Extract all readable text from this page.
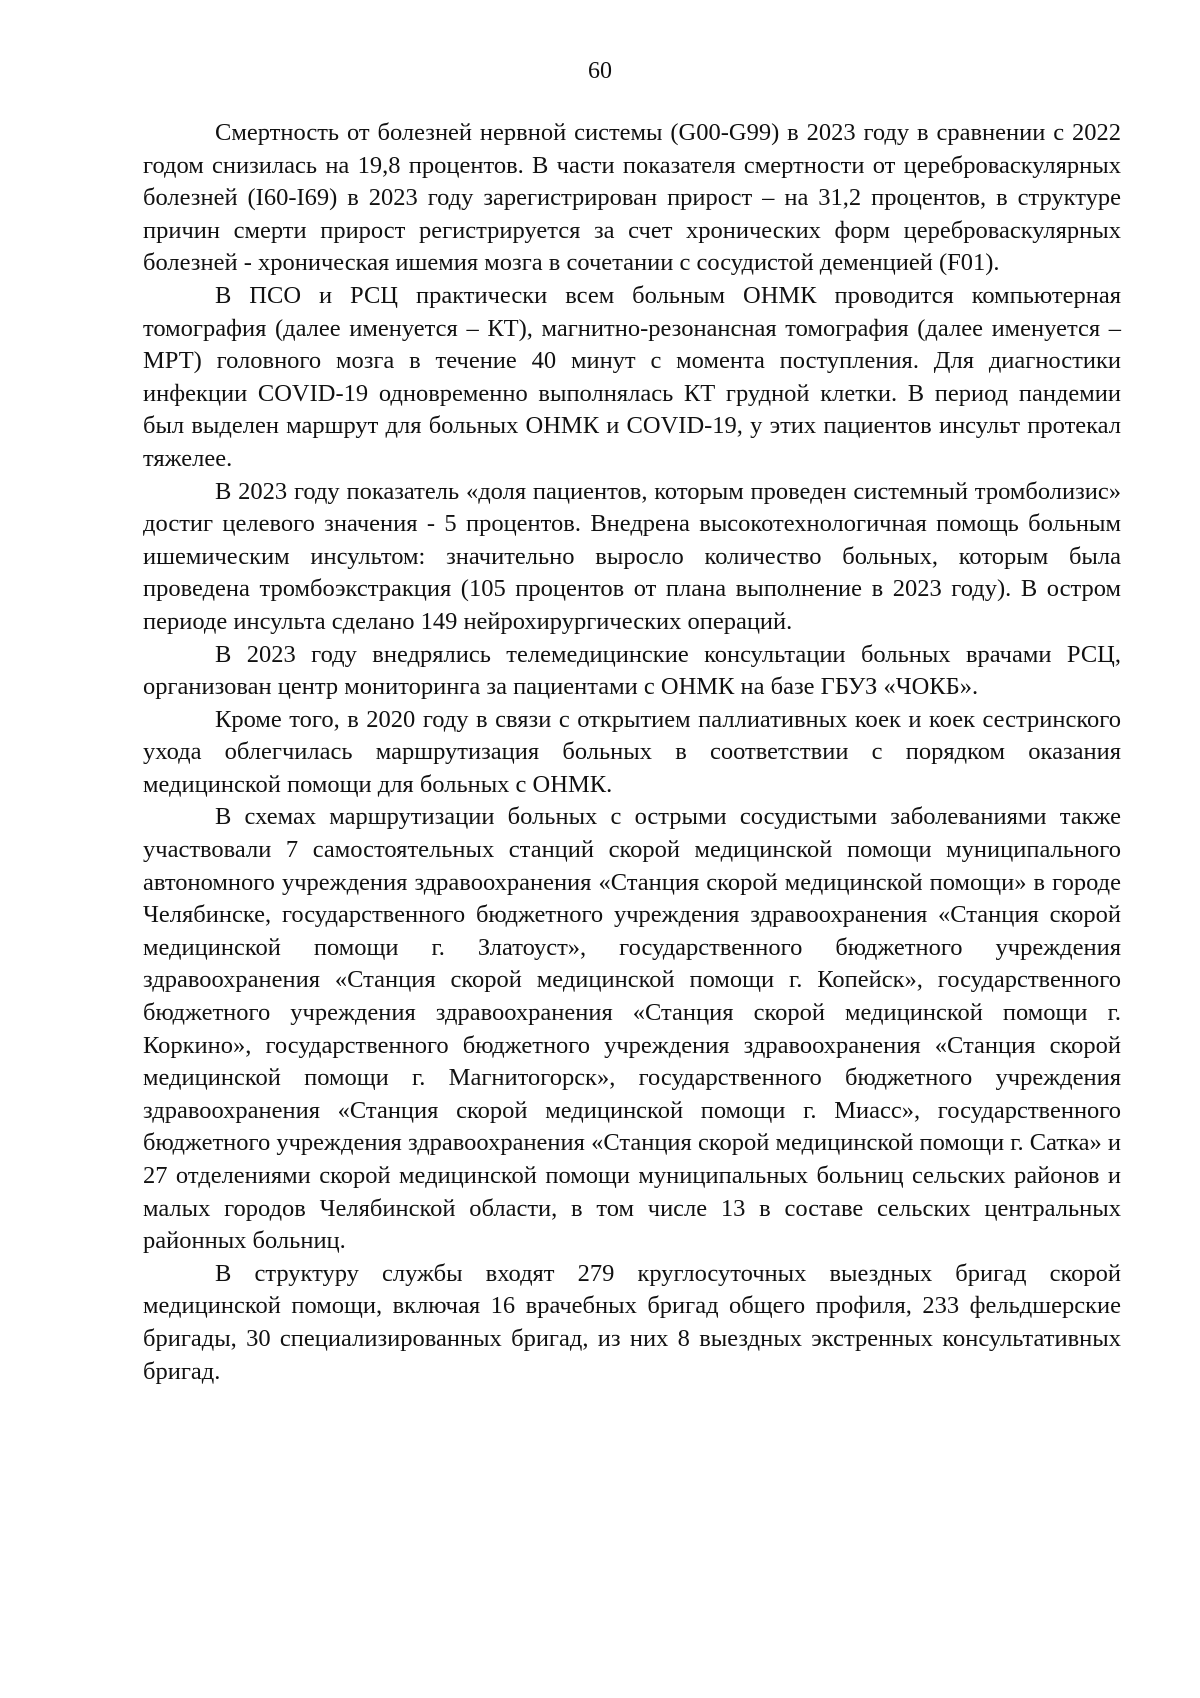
60

Смертность от болезней нервной системы (G00-G99) в 2023 году в сравнении с 2022 годом снизилась на 19,8 процентов. В части показателя смертности от цереброваскулярных болезней (I60-I69) в 2023 году зарегистрирован прирост – на 31,2 процентов, в структуре причин смерти прирост регистрируется за счет хронических форм цереброваскулярных болезней - хроническая ишемия мозга в сочетании с сосудистой деменцией (F01).

В ПСО и РСЦ практически всем больным ОНМК проводится компьютерная томография (далее именуется – КТ), магнитно-резонансная томография (далее именуется – МРТ) головного мозга в течение 40 минут с момента поступления. Для диагностики инфекции COVID-19 одновременно выполнялась КТ грудной клетки. В период пандемии был выделен маршрут для больных ОНМК и COVID-19, у этих пациентов инсульт протекал тяжелее.

В 2023 году показатель «доля пациентов, которым проведен системный тромболизис» достиг целевого значения - 5 процентов. Внедрена высокотехнологичная помощь больным ишемическим инсультом: значительно выросло количество больных, которым была проведена тромбоэкстракция (105 процентов от плана выполнение в 2023 году). В остром периоде инсульта сделано 149 нейрохирургических операций.

В 2023 году внедрялись телемедицинские консультации больных врачами РСЦ, организован центр мониторинга за пациентами с ОНМК на базе ГБУЗ «ЧОКБ».

Кроме того, в 2020 году в связи с открытием паллиативных коек и коек сестринского ухода облегчилась маршрутизация больных в соответствии с порядком оказания медицинской помощи для больных с ОНМК.

В схемах маршрутизации больных с острыми сосудистыми заболеваниями также участвовали 7 самостоятельных станций скорой медицинской помощи муниципального автономного учреждения здравоохранения «Станция скорой медицинской помощи» в городе Челябинске, государственного бюджетного учреждения здравоохранения «Станция скорой медицинской помощи г. Златоуст», государственного бюджетного учреждения здравоохранения «Станция скорой медицинской помощи г. Копейск», государственного бюджетного учреждения здравоохранения «Станция скорой медицинской помощи г. Коркино», государственного бюджетного учреждения здравоохранения «Станция скорой медицинской помощи г. Магнитогорск», государственного бюджетного учреждения здравоохранения «Станция скорой медицинской помощи г. Миасс», государственного бюджетного учреждения здравоохранения «Станция скорой медицинской помощи г. Сатка» и 27 отделениями скорой медицинской помощи муниципальных больниц сельских районов и малых городов Челябинской области, в том числе 13 в составе сельских центральных районных больниц.

В структуру службы входят 279 круглосуточных выездных бригад скорой медицинской помощи, включая 16 врачебных бригад общего профиля, 233 фельдшерские бригады, 30 специализированных бригад, из них 8 выездных экстренных консультативных бригад.
